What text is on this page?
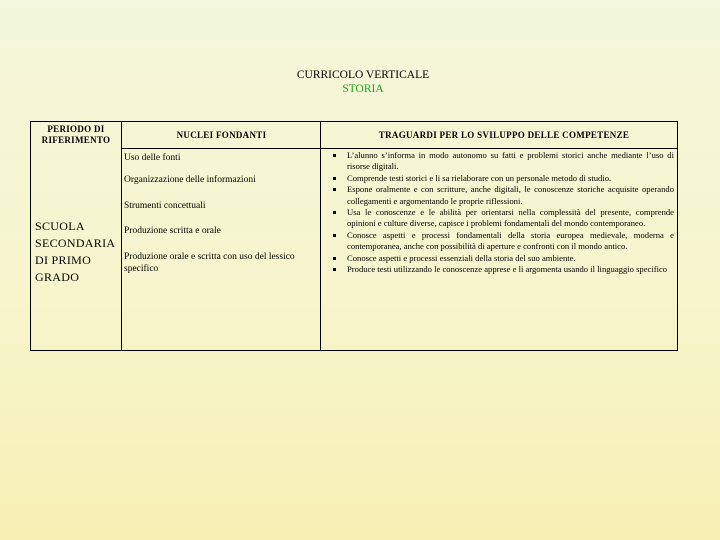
CURRICOLO VERTICALE
STORIA
PERIODO DI RIFERIMENTO	NUCLEI FONDANTI	TRAGUARDI PER LO SVILUPPO DELLE COMPETENZE
SCUOLA
SECONDARIA
DI PRIMO
GRADO
Uso delle fonti
Organizzazione delle informazioni
Strumenti concettuali
Produzione scritta e orale
Produzione orale e scritta con uso del lessico specifico
L’alunno s’informa in modo autonomo su fatti e problemi storici anche mediante l’uso di risorse digitali.
Comprende testi storici e li sa rielaborare con un personale metodo di studio.
Espone oralmente e con scritture, anche digitali, le conoscenze storiche acquisite operando collegamenti e argomentando le proprie riflessioni.
Usa le conoscenze e le abilità per orientarsi nella complessità del presente, comprende opinioni e culture diverse, capisce i problemi fondamentali del mondo contemporaneo.
Conosce aspetti e processi fondamentali della storia europea medievale, moderna e contemporanea, anche con possibilità di aperture e confronti con il mondo antico.
Conosce aspetti e processi essenziali della storia del suo ambiente.
Produce testi utilizzando le conoscenze apprese e li argomenta usando il linguaggio specifico
